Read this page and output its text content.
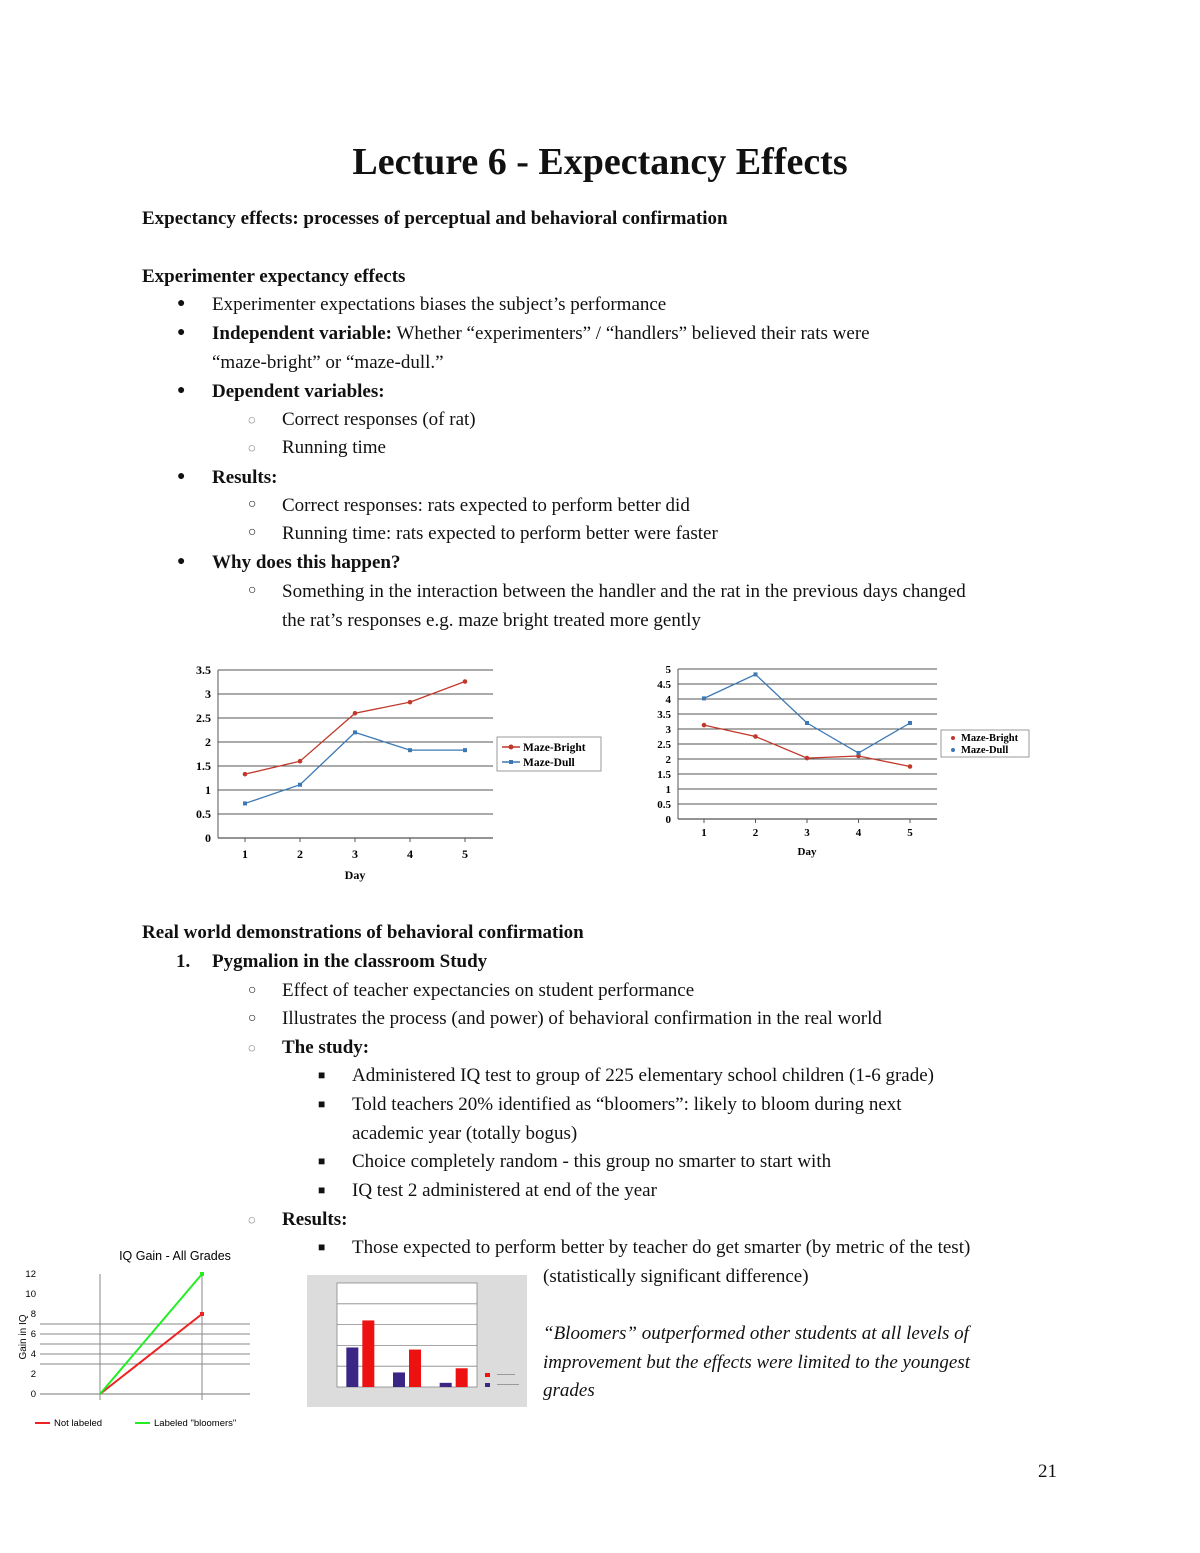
Lecture 6 - Expectancy Effects
Expectancy effects: processes of perceptual and behavioral confirmation
Experimenter expectancy effects
● Experimenter expectations biases the subject’s performance
● Independent variable: Whether “experimenters” / “handlers” believed their rats were
“maze-bright” or “maze-dull.”
● Dependent variables:
◌ Correct responses (of rat)
◌ Running time
● Results:
○ Correct responses: rats expected to perform better did
○ Running time: rats expected to perform better were faster
● Why does this happen?
○ Something in the interaction between the handler and the rat in the previous days changed
the rat’s responses e.g. maze bright treated more gently
0
0.5
1
1.5
2
2.5
3
3.5
1	2	3	4	5
Day
Maze-Bright
Maze-Dull
0
0.5
1
1.5
2
2.5
3
3.5
4
4.5
5
1	2	3	4	5
Day
Maze-Bright
Maze-Dull
Real world demonstrations of behavioral confirmation
1. Pygmalion in the classroom Study
○ Effect of teacher expectancies on student performance
○ Illustrates the process (and power) of behavioral confirmation in the real world
◌ The study:
■ Administered IQ test to group of 225 elementary school children (1-6 grade)
■ Told teachers 20% identified as “bloomers”: likely to bloom during next
academic year (totally bogus)
■ Choice completely random - this group no smarter to start with
■ IQ test 2 administered at end of the year
◌ Results:
■ Those expected to perform better by teacher do get smarter (by metric of the test)
(statistically significant difference)
“Bloomers” outperformed other students at all levels of
improvement but the effects were limited to the youngest
grades
IQ Gain - All Grades
Gain in IQ
0
2
4
6
8
10
12
Not labeled	Labeled "bloomers"
21
